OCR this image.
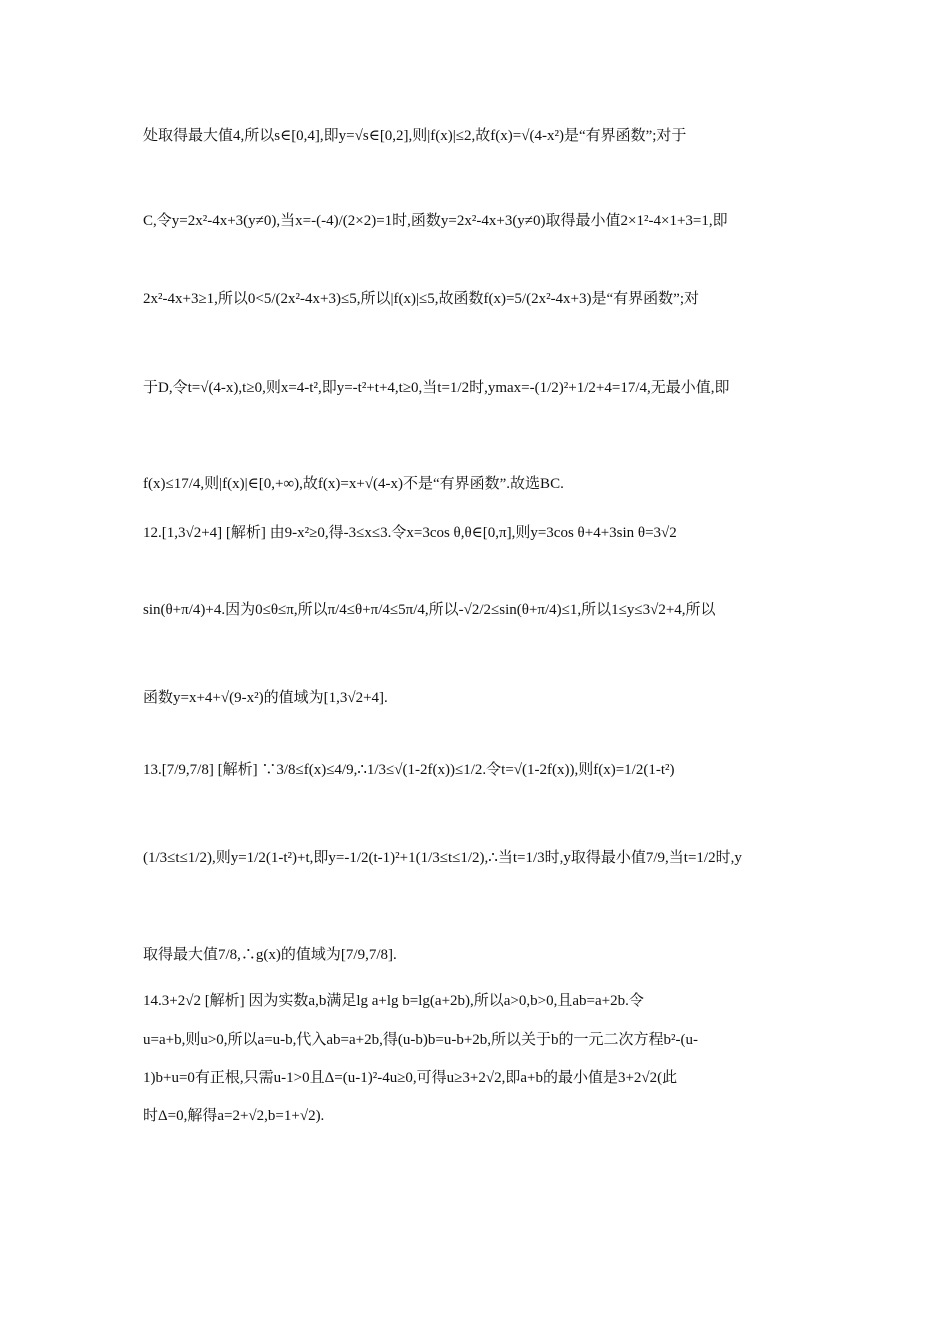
处取得最大值4,所以s∈[0,4],即y=√s∈[0,2],则|f(x)|≤2,故f(x)=√(4-x²)是“有界函数”;对于
C,令y=2x²-4x+3(y≠0),当x=-(-4)/(2×2)=1时,函数y=2x²-4x+3(y≠0)取得最小值2×1²-4×1+3=1,即
2x²-4x+3≥1,所以0<5/(2x²-4x+3)≤5,所以|f(x)|≤5,故函数f(x)=5/(2x²-4x+3)是“有界函数”;对
于D,令t=√(4-x),t≥0,则x=4-t²,即y=-t²+t+4,t≥0,当t=1/2时,ymax=-(1/2)²+1/2+4=17/4,无最小值,即
f(x)≤17/4,则|f(x)|∈[0,+∞),故f(x)=x+√(4-x)不是“有界函数”.故选BC.
12.[1,3√2+4] [解析] 由9-x²≥0,得-3≤x≤3.令x=3cos θ,θ∈[0,π],则y=3cos θ+4+3sin θ=3√2
sin(θ+π/4)+4.因为0≤θ≤π,所以π/4≤θ+π/4≤5π/4,所以-√2/2≤sin(θ+π/4)≤1,所以1≤y≤3√2+4,所以
函数y=x+4+√(9-x²)的值域为[1,3√2+4].
13.[7/9,7/8] [解析] ∵3/8≤f(x)≤4/9,∴1/3≤√(1-2f(x))≤1/2.令t=√(1-2f(x)),则f(x)=1/2(1-t²)
(1/3≤t≤1/2),则y=1/2(1-t²)+t,即y=-1/2(t-1)²+1(1/3≤t≤1/2),∴当t=1/3时,y取得最小值7/9,当t=1/2时,y
取得最大值7/8,∴g(x)的值域为[7/9,7/8].
14.3+2√2 [解析] 因为实数a,b满足lg a+lg b=lg(a+2b),所以a>0,b>0,且ab=a+2b.令
u=a+b,则u>0,所以a=u-b,代入ab=a+2b,得(u-b)b=u-b+2b,所以关于b的一元二次方程b²-(u-
1)b+u=0有正根,只需u-1>0且Δ=(u-1)²-4u≥0,可得u≥3+2√2,即a+b的最小值是3+2√2(此
时Δ=0,解得a=2+√2,b=1+√2).
